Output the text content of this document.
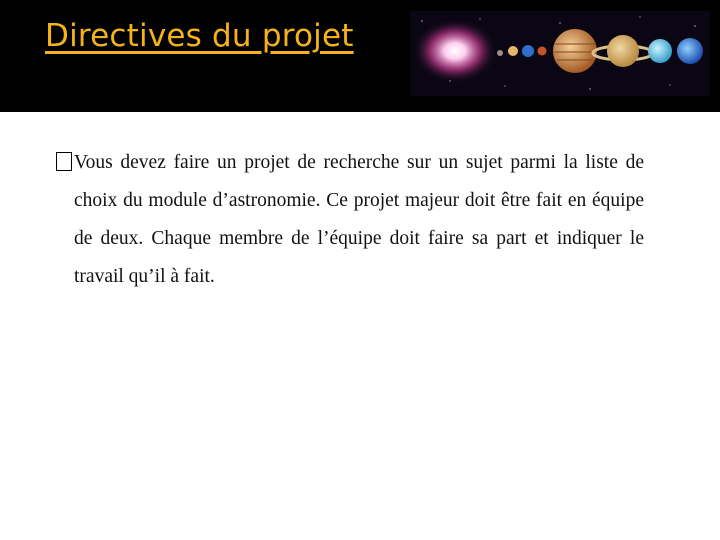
Directives du projet

Vous devez faire un projet de recherche sur un sujet parmi la liste de choix du module d’astronomie. Ce projet majeur doit être fait en équipe de deux. Chaque membre de l’équipe doit faire sa part et indiquer le travail qu’il à fait.
